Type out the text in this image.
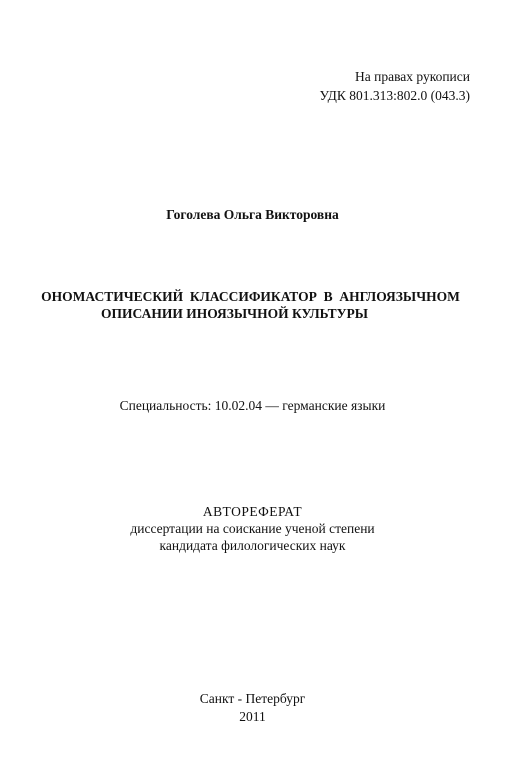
На правах рукописи
УДК 801.313:802.0 (043.3)
Гоголева Ольга Викторовна
ОНОМАСТИЧЕСКИЙ  КЛАССИФИКАТОР  В  АНГЛОЯЗЫЧНОМ
ОПИСАНИИ ИНОЯЗЫЧНОЙ КУЛЬТУРЫ
Специальность: 10.02.04 — германские языки
АВТОРЕФЕРАТ
диссертации на соискание ученой степени
кандидата филологических наук
Санкт - Петербург
2011
